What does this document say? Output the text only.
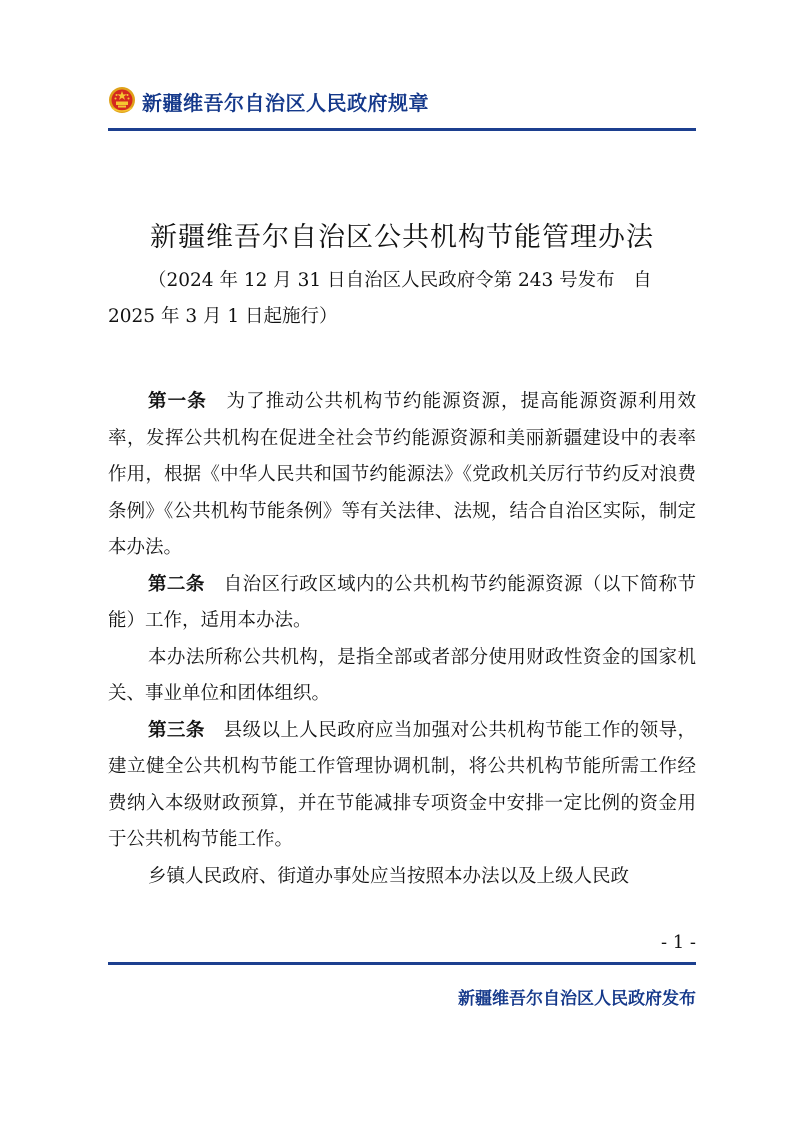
新疆维吾尔自治区人民政府规章
新疆维吾尔自治区公共机构节能管理办法
（2024 年 12 月 31 日自治区人民政府令第 243 号发布　自
2025 年 3 月 1 日起施行）

第一条　 为了推动公共机构节约能源资源，提高能源资源利用效率，发挥公共机构在促进全社会节约能源资源和美丽新疆建设中的表率作用，根据《中华人民共和国节约能源法》《党政机关厉行节约反对浪费条例》《公共机构节能条例》等有关法律、法规，结合自治区实际，制定本办法。

第二条　 自治区行政区域内的公共机构节约能源资源（以下简称节能）工作，适用本办法。

本办法所称公共机构，是指全部或者部分使用财政性资金的国家机关、事业单位和团体组织。

第三条　 县级以上人民政府应当加强对公共机构节能工作的领导，建立健全公共机构节能工作管理协调机制，将公共机构节能所需工作经费纳入本级财政预算，并在节能减排专项资金中安排一定比例的资金用于公共机构节能工作。

乡镇人民政府、街道办事处应当按照本办法以及上级人民政

- 1 -
新疆维吾尔自治区人民政府发布
